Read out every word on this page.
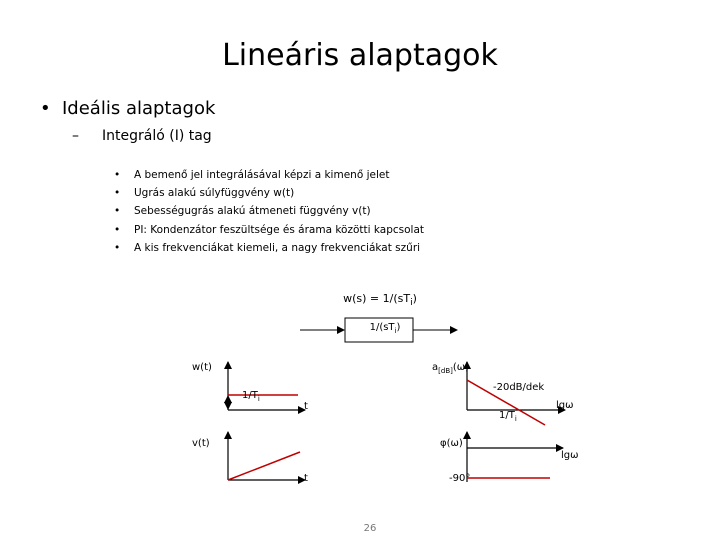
Lineáris alaptagok
• Ideális alaptagok
– Integráló (I) tag
• A bemenő jel integrálásával képzi a kimenő jelet
• Ugrás alakú súlyfüggvény w(t)
• Sebességugrás alakú átmeneti függvény v(t)
• PI: Kondenzátor feszültsége és árama közötti kapcsolat
• A kis frekvenciákat kiemeli, a nagy frekvenciákat szűri
$w(s) = 1/(sT_i)$
$1/(sT_i)$
w(t)
$1/T_i$
t
v(t)
t
$a_{[dB]}(\omega)$
-20dB/dek
$1/T_i$
lgω
φ(ω)
-90°
lgω
26
